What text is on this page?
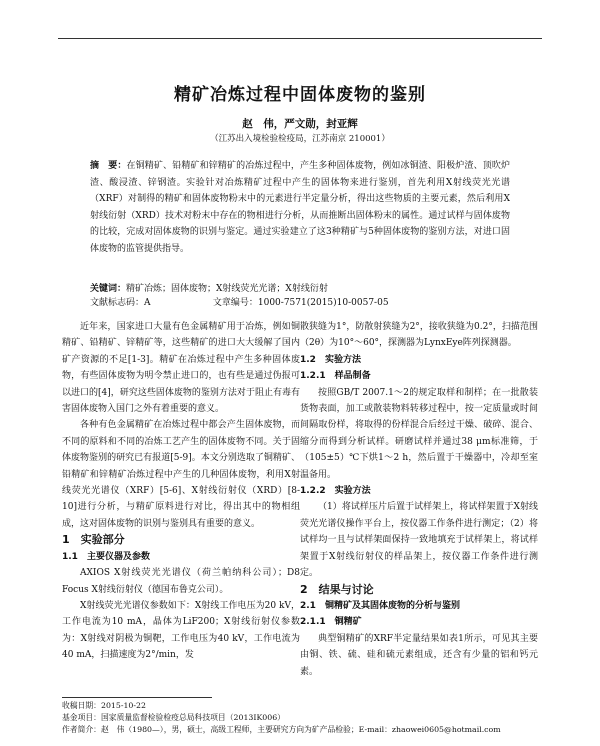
精矿冶炼过程中固体废物的鉴别
赵　伟，严文勋，封亚辉
（江苏出入境检验检疫局，江苏南京 210001）
摘　要：在铜精矿、铅精矿和锌精矿的冶炼过程中，产生多种固体废物，例如冰铜渣、阳极炉渣、顶吹炉渣、酸浸渣、锌钢渣。实验针对冶炼精矿过程中产生的固体物来进行鉴别，首先利用X射线荧光光谱（XRF）对制得的精矿和固体废物粉末中的元素进行半定量分析，得出这些物质的主要元素，然后利用X射线衍射（XRD）技术对粉末中存在的物相进行分析，从而推断出固体粉末的属性。通过试样与固体废物的比较，完成对固体废物的识别与鉴定。通过实验建立了这3种精矿与5种固体废物的鉴别方法，对进口固体废物的监管提供指导。
关键词：精矿冶炼；固体废物；X射线荧光光谱；X射线衍射
文献标志码：A	文章编号：1000-7571(2015)10-0057-05

近年来，国家进口大量有色金属精矿用于冶炼，例如铜精矿、铅精矿、锌精矿等，这些精矿的进口大大缓解了国内矿产资源的不足[1-3]。精矿在冶炼过程中产生多种固体废物，有些固体废物为明令禁止进口的，也有些是通过伪报可以进口的[4]，研究这些固体废物的鉴别方法对于阻止有毒有害固体废物入国门之外有着重要的意义。

各种有色金属精矿在冶炼过程中都会产生固体废物，而不同的原料和不同的冶炼工艺产生的固体废物不同。关于固体废物鉴别的研究已有报道[5-9]。本文分别选取了铜精矿、铅精矿和锌精矿冶炼过程中产生的几种固体废物，利用X射线荧光光谱仪（XRF）[5-6]、X射线衍射仪（XRD）[8-10]进行分析，与精矿原料进行对比，得出其中的物相组成，这对固体废物的识别与鉴别具有重要的意义。

1　实验部分

1.1　主要仪器及参数

AXIOS X射线荧光光谱仪（荷兰帕纳科公司）；D8 Focus X射线衍射仪（德国布鲁克公司）。

X射线荧光光谱仪参数如下：X射线工作电压为20 kV，工作电流为10 mA，晶体为LiF200；X射线衍射仪参数为：X射线对阴极为铜靶，工作电压为40 kV，工作电流为40 mA，扫描速度为2°/min，发

散狭缝为1°，防散射狭缝为2°，接收狭缝为0.2°，扫描范围（2θ）为10°～60°，探测器为LynxEye阵列探测器。

1.2　实验方法

1.2.1　样品制备

按照GB/T 2007.1～2的规定取样和制样；在一批散装货物表面，加工或散装物料转移过程中，按一定质量或时间间隔取份样，将取得的份样混合后经过干燥、破碎、混合、缩分而得到分析试样。研磨试样并通过38 μm标准筛，于（105±5）℃下烘1～2 h，然后置于干燥器中，冷却至室温备用。

1.2.2　实验方法

（1）将试样压片后置于试样架上，将试样架置于X射线荧光光谱仪操作平台上，按仪器工作条件进行测定；（2）将试样均一且与试样架面保持一致地填充于试样架上，将试样架置于X射线衍射仪的样品架上，按仪器工作条件进行测定。

2　结果与讨论

2.1　铜精矿及其固体废物的分析与鉴别

2.1.1　铜精矿

典型铜精矿的XRF半定量结果如表1所示，可见其主要由铜、铁、硫、硅和硫元素组成，还含有少量的铝和钙元素。

收稿日期：2015-10-22
基金项目：国家质量监督检验检疫总局科技项目（2013IK006）
作者简介：赵　伟（1980—），男，硕士，高级工程师，主要研究方向为矿产品检验；E-mail：zhaowei0605@hotmail.com
